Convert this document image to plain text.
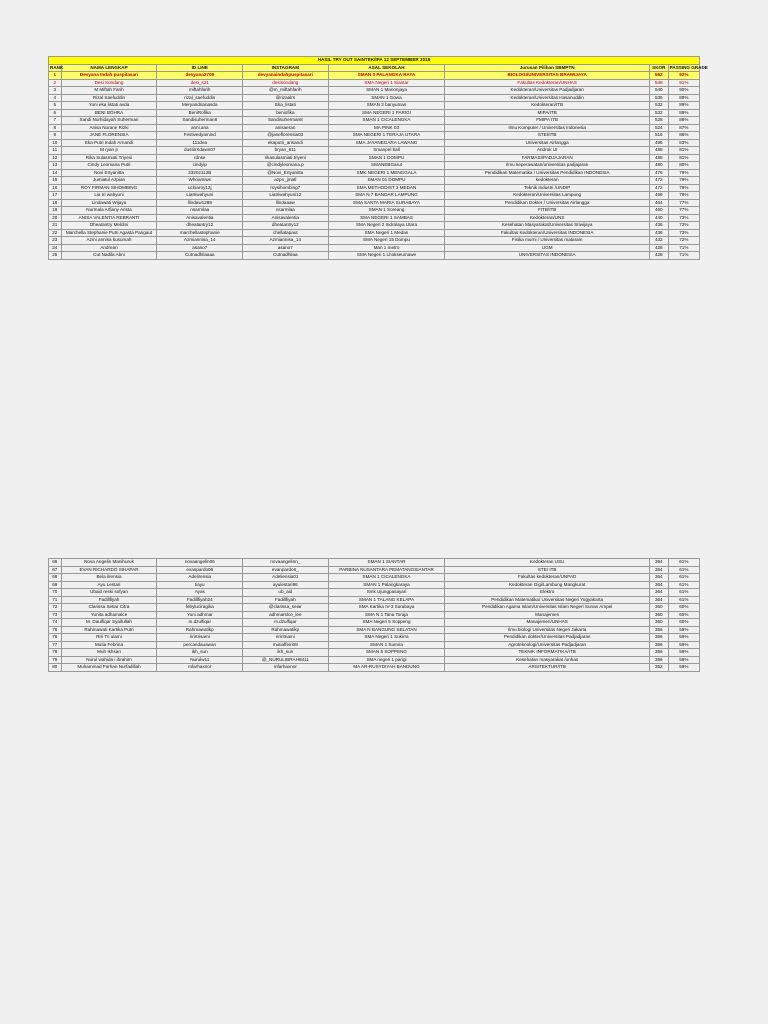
HASIL TRY OUT SAINTEK/IPA 12 SEPTEMBER 2018							
RANK	NAMA LENGKAP	ID LINE	INSTAGRAM	ASAL SEKOLAH	Jurusan Pilihan SBMPTN	SKOR	PASSING GRADE
1	Devyana Indah puspitasari	devyana2708	devyanaindahpuspitasari	SMAN 3 PALANGKA RAYA	BIOLOGI/UNIVERSITAS BRAWIJAYA	552	92%
2	Desi Sondang	desi_s21	desisondang	SMA Negeri 1 Siantar	Fakultas Kedokteran/UNHAS	548	91%
3	M Miftah Farih	miftahfarih	@m_miftahfarih	SMAN 1 Manonjaya	Kedokteran/Universitas Padjadjaran	540	90%
4	Rizal Saefuddin	rizal_saefuddin	@rizaalrs	SMAN 1 Gowa	Kedokteran/Universitas Hasanuddin	536	89%
5	Yuni eka listati avda	Meryandrianasda	Eka_listati	SMAN 2 banyumas	Kedokteran/ITB	532	89%
6	BENI BOHRA	BeniRofika	beniofika	SMA NEGERI 1 PARIGI	MIPA/ITB	532	89%
7	Sandi Nurhidayah Suherman	Sandisuherman8	Sandisuherman8	SMAN 1 CICALENGKA	FMIPA ITB	528	88%
8	Anisa Nurane Rizki	anni.ana	anisaeran	MA PINK 03	Ilmu Komputer / Universitas Indonesia	524	87%
9	JANE FLORENSIA	Festivedyamind	@janeflorensia03	SMA NEGERI 1 TERAJA UTARA	STEI/ITB	516	86%
10	Eka Putri Indah Arnandi	111dea	ekaputri_arisandi	SMA JAYANEGARA LAWANG	Universitas Airlangga	496	83%
11	M ryan p	dustinXdawn07	bryan_811	Smanpel ball	Androk UI	488	81%
12	Rika Sulasmiati Triyeni	rdnse	rikasulasmiati.triyeni	SMAN 1 DOMPU	FARMASI/PADJAJARAN	488	81%
13	Cindy Leomana Putri	cindylp	@cindyleomana.p	SMANEBGarut	Ilmu keperawatan/universitas padjajaran	480	80%
14	Novi Ertyanitta	33202112B	@Novi_Ertyanitta	SMK NEGERI 1 MENGGALA	Pendidikan Matematika / Universitas Pendidikan INDONESIA	476	79%
15	Jumiatul Azpian	Whoamiws	azpn_jmatl	SMAN 01 DOMPU	kedokteran	472	79%
16	ROY FIRMAN SIHOMBING	uchiaroy12j	roysihombing7	SMA METHODIST 3 MEDAN	Teknik Industri /UNDIP	472	79%
17	Lia tri wahyuni	Liatriwahyuni	Liatriwahyuni12	SMA N 7 BANDAR LAMPUNG	Kedokteran/Universitas Lampung	468	78%
18	Lindawati Wijaya	llindaw1288	llindaaaw	SMA SANTA MARIA SURABAYA	Pendidikan Dokter / Universitas Airlangga	464	77%
19	Nurmala Arfiany Arista	nsarmlaa	nsarmlaa	SMAN 1 Soreang	FITB/ITB	460	77%
20	ANISA VALENTIA REBRANTI	Anisavalentia	Anisavalentia	SMA NEGERI 1 SAMBAS	Kedokteran/UNS	440	73%
21	Dheatantry Meldini	dheatantry12	dheatantry12	SMA Negeri 2 Indralaya Utara	Kesehatan Masyarakat/Universitas Sriwijaya	436	73%
22	Marchella Stephanie Putri Agasta Pangaut	marchellastephanie	chellatapaut	SMA Negeri 1 Medan	Fakultas Kedokteran/Universitas INDONESIA	436	73%
23	Azmi annisa kusumah	Azmiannisa_14	Azmiannisa_14	SMA Negeri 15 Dompu	Fisika murni / Universitas mataram	432	72%
24	Andrean	asano7	asano7	Man 1 metro	UGM	428	71%
25	Cut Nadila Abni	Cutnadhilaaaa	Cutnadhilaa	SMA Negeri 1 Lhokseumawe	UNIVERSITAS INDONESIA	428	71%
66	Nova Angelin Manihuruk	novaangelin06	novaangelinn_	SMAN 1 SIANTAR	Kedokteran USU	364	61%
67	EVAN RICHARDO SIHAPAR	evanpardo06	evanpardo6_	PARBINA NUSANTARA PEMATANGSIANTAR	STEI ITB	364	61%
68	Bela lirensia	Adelirensia	Adeliensia01	SMAN 1 CICALENGKA	Fakultas kedokteran/UNPAD	364	61%
69	Ayu Lestari	tiayu	ayulestari96	SMAN 1 Palangkaraya	Kedokteran Gigi/Lambung Mangkurat	364	61%
70	Ubaid reski sofyan	Ayas	ub_aid	Smk Ujungpasayari	Elektro	364	61%
71	Fadillfiyah	Fadillfiyah24	Fadillfiyah	SMAN 1 TALANG KELAPA	Pendidikan Matematika/ Universitas Negeri Yogyakarta	364	61%
72	Clarissa Setiar Citra	febyluciragika	@clarissa_seiar	SMA Kartika IV-3 Surabaya	Pendidikan Agama Islam/Universitas Islam Negeri Sunan Ampel	360	60%
73	Yunita adhamalce	Yuni adhmar	adhmarslce_lee	SMA N 1 Tana Toraja	Manajemen	360	60%
74	M. Daulfiqar Syaifullah	m.dzulfiqar	m.dzulfiqar	SMA Negeri 5 Soppeng	Manajemen/UNHAS	360	60%
75	Rahmawati Kartika Putri	Rahmawatikp	Rahmawatikp	SMA N BANGUNG SELATAN	Ilmu biologi Universitas Negeri Jakarta	356	59%
76	Riri Tri ulami	ririrtrisami	ririritriami	SMA Negeri 1 Sukirra	Pendidikan dokter/Universitas Padjadjaran	356	59%
77	Mutia Febrina	percandauawan	mutiaffeiri08	SMAN 1 Sumira	Agroteknologi/Universitas Padjadjaran	356	59%
78	Muh Ikhsan	ikh_sun	ikh_sun	SMAN 5 SOPPENG	TEKNIK INFORMATIKA/ITB	356	59%
79	Nurul wahida i ibrahim	Nurulw11	@_NURULIBRAHIM11	SMA negeri 1 parigi	Kesehatan masyarakat /unhas	356	59%
80	Muhammad Farhan Nurfadillah	mfarhaxnor	mfarhaxnor	MA AR-RUSYDIYAH BANDUNG	ARSITEKTUR/ITB	352	59%
